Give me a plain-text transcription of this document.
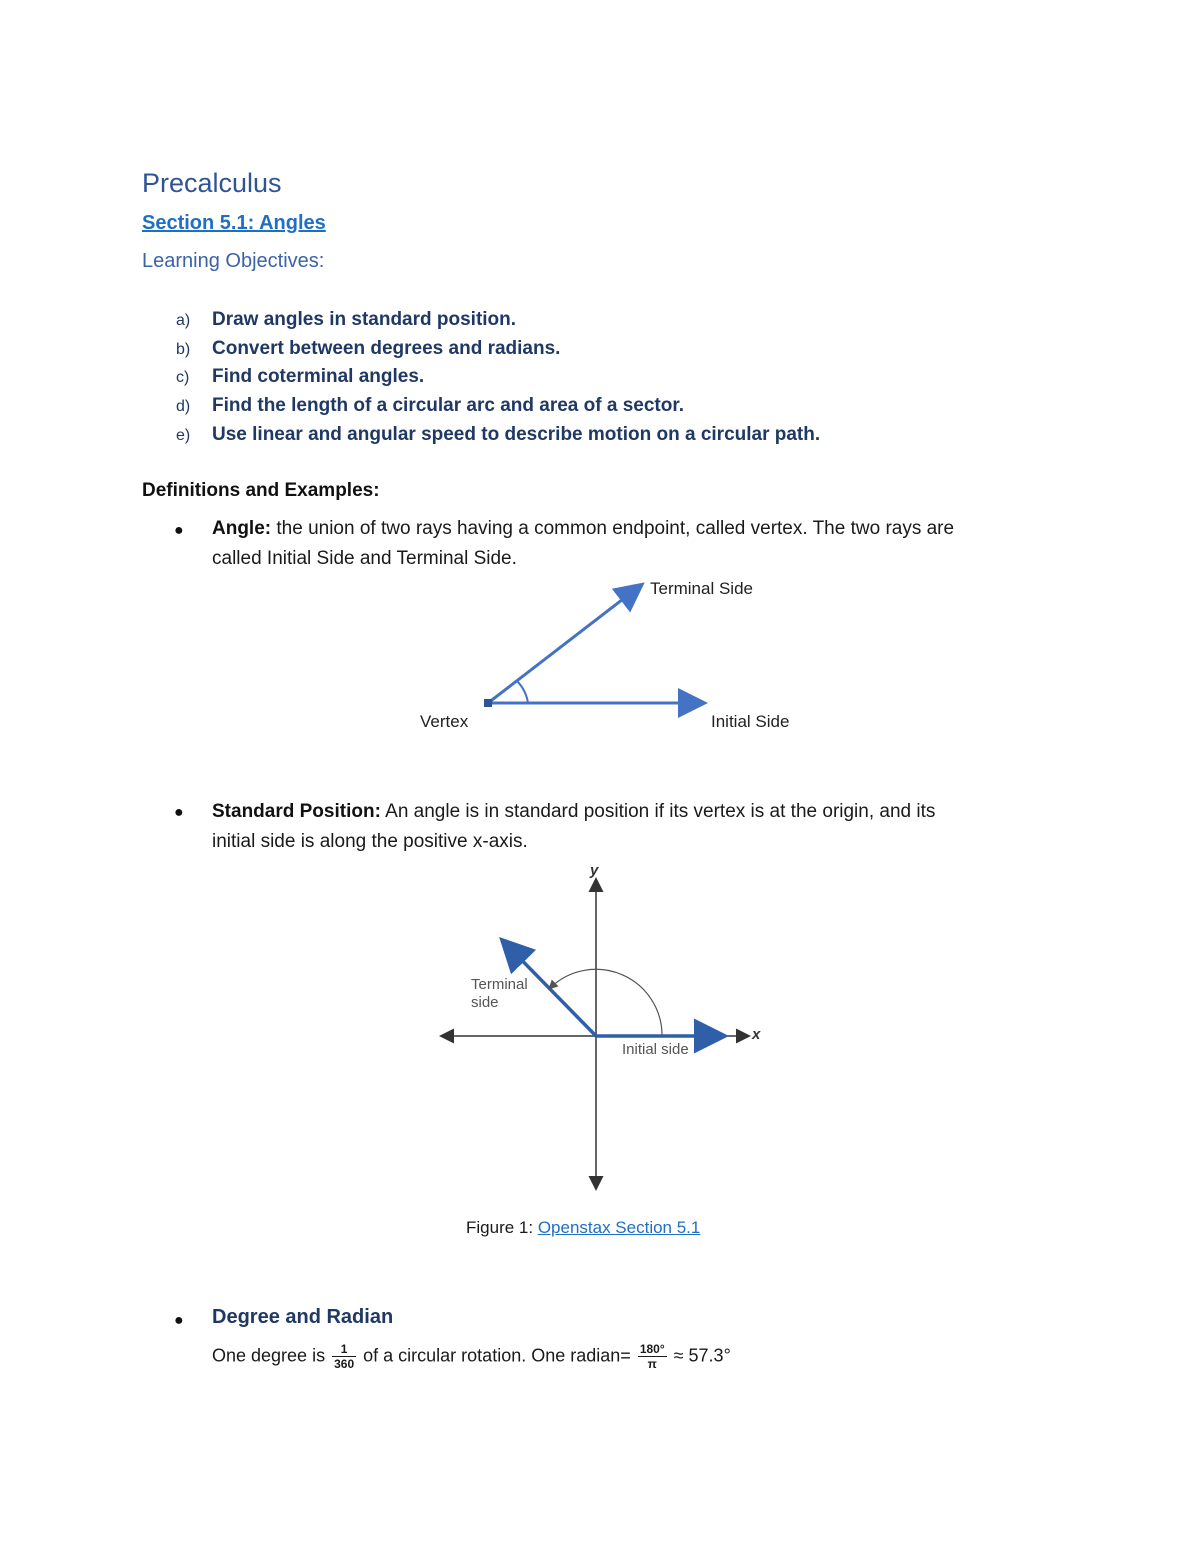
Precalculus
Section 5.1: Angles
Learning Objectives:
a) Draw angles in standard position.
b) Convert between degrees and radians.
c) Find coterminal angles.
d) Find the length of a circular arc and area of a sector.
e) Use linear and angular speed to describe motion on a circular path.
Definitions and Examples:
● Angle: the union of two rays having a common endpoint, called vertex. The two rays are
called Initial Side and Terminal Side.
Terminal Side
Vertex	Initial Side
● Standard Position: An angle is in standard position if its vertex is at the origin, and its
initial side is along the positive x-axis.
y
x
Terminal
side
Initial side
Figure 1: Openstax Section 5.1
● Degree and Radian
One degree is $\frac{1}{360}$ of a circular rotation. One radian= $\frac{180^\circ}{\pi} \approx 57.3^\circ$
